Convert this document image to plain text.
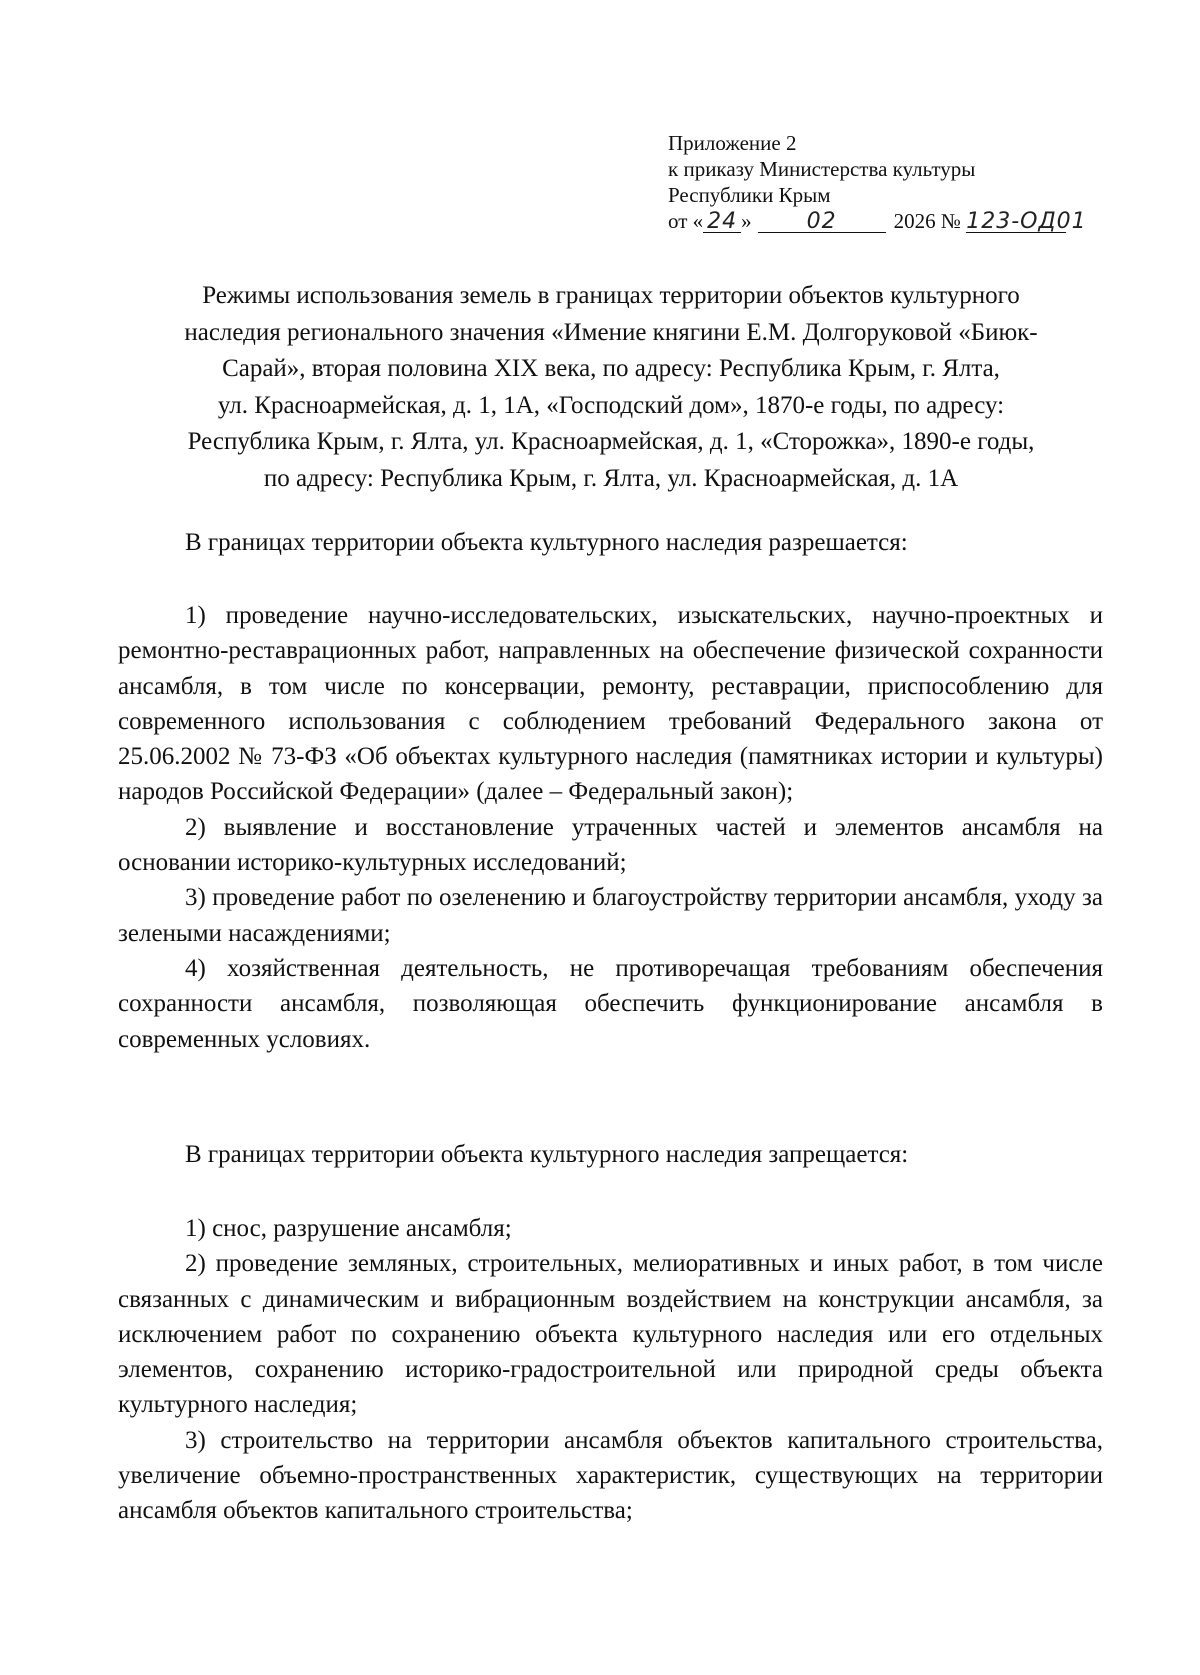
Приложение 2
к приказу Министерства культуры
Республики Крым
от « 24 »	02	2026 № 123-ОД01
Режимы использования земель в границах территории объектов культурного
наследия регионального значения «Имение княгини Е.М. Долгоруковой «Биюк-
Сарай», вторая половина XIX века, по адресу: Республика Крым, г. Ялта,
ул. Красноармейская, д. 1, 1А, «Господский дом», 1870-е годы, по адресу:
Республика Крым, г. Ялта, ул. Красноармейская, д. 1, «Сторожка», 1890-е годы,
по адресу: Республика Крым, г. Ялта, ул. Красноармейская, д. 1А
В границах территории объекта культурного наследия разрешается:

1) проведение научно-исследовательских, изыскательских, научно-проектных и ремонтно-реставрационных работ, направленных на обеспечение физической сохранности ансамбля, в том числе по консервации, ремонту, реставрации, приспособлению для современного использования с соблюдением требований Федерального закона от 25.06.2002 № 73-ФЗ «Об объектах культурного наследия (памятниках истории и культуры) народов Российской Федерации» (далее – Федеральный закон);

2) выявление и восстановление утраченных частей и элементов ансамбля на основании историко-культурных исследований;

3) проведение работ по озеленению и благоустройству территории ансамбля, уходу за зелеными насаждениями;

4) хозяйственная деятельность, не противоречащая требованиям обеспечения сохранности ансамбля, позволяющая обеспечить функционирование ансамбля в современных условиях.

В границах территории объекта культурного наследия запрещается:

1) снос, разрушение ансамбля;

2) проведение земляных, строительных, мелиоративных и иных работ, в том числе связанных с динамическим и вибрационным воздействием на конструкции ансамбля, за исключением работ по сохранению объекта культурного наследия или его отдельных элементов, сохранению историко-градостроительной или природной среды объекта культурного наследия;

3) строительство на территории ансамбля объектов капитального строительства, увеличение объемно-пространственных характеристик, существующих на территории ансамбля объектов капитального строительства;
